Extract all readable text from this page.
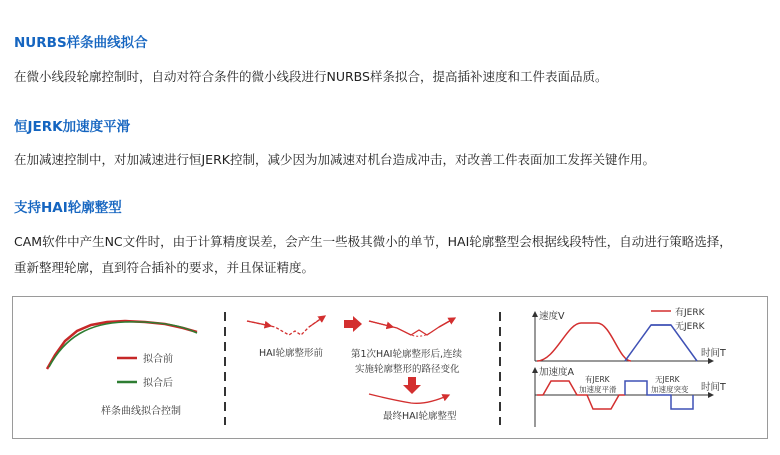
NURBS样条曲线拟合
在微小线段轮廓控制时，自动对符合条件的微小线段进行NURBS样条拟合，提高插补速度和工件表面品质。
恒JERK加速度平滑
在加减速控制中，对加减速进行恒JERK控制，减少因为加减速对机台造成冲击，对改善工件表面加工发挥关键作用。
支持HAI轮廓整型
CAM软件中产生NC文件时，由于计算精度误差，会产生一些极其微小的单节，HAI轮廓整型会根据线段特性，自动进行策略选择，
重新整理轮廓，直到符合插补的要求，并且保证精度。
拟合前
拟合后
样条曲线拟合控制
HAI轮廓整形前	第1次HAI轮廓整形后,连续
实施轮廓整形的路径变化
最终HAI轮廓整型
速度V
时间T
有JERK
无JERK
加速度A
时间T
有JERK
加速度平滑
无JERK
加速度突变
